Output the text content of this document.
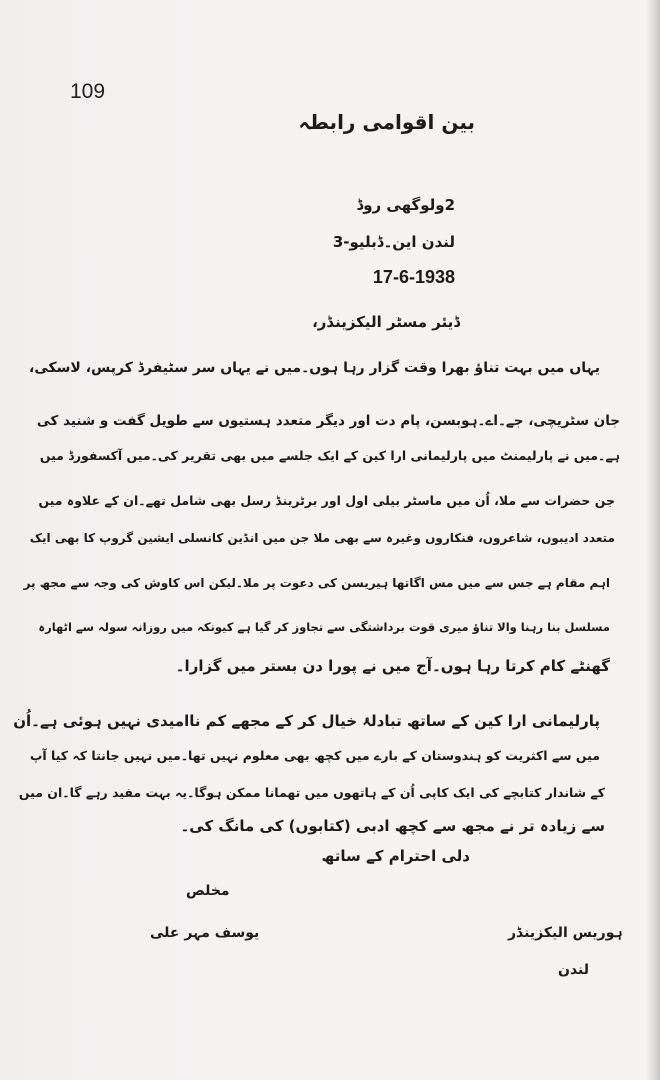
109
بین اقوامی رابطہ
2ولوگھی روڈ
لندن این۔ڈبلیو-3
17-6-1938
ڈیئر مسٹر الیکزینڈر،
یہاں میں بہت تناؤ بھرا وقت گزار رہا ہوں۔میں نے یہاں سر سٹیفرڈ کرپس، لاسکی،
جان سٹریچی، جے۔اے۔ہوبسن، پام دت اور دیگر متعدد ہستیوں سے طویل گفت و شنید کی
ہے۔میں نے پارلیمنٹ میں پارلیمانی ارا کین کے ایک جلسے میں بھی تقریر کی۔میں آکسفورڈ میں
جن حضرات سے ملا، اُن میں ماسٹر بیلی اول اور برٹرینڈ رسل بھی شامل تھے۔ان کے علاوہ میں
متعدد ادیبوں، شاعروں، فنکاروں وغیرہ سے بھی ملا جن میں انڈین کانسلی ایشین گروپ کا بھی ایک
اہم مقام ہے جس سے میں مس اگاتھا ہیریسن کی دعوت پر ملا۔لیکن اس کاوش کی وجہ سے مجھ پر
مسلسل بنا رہنا والا تناؤ میری قوت برداشتگی سے تجاوز کر گیا ہے کیونکہ میں روزانہ سولہ سے اٹھارہ
گھنٹے کام کرتا رہا ہوں۔آج میں نے پورا دن بستر میں گزارا۔
پارلیمانی ارا کین کے ساتھ تبادلۂ خیال کر کے مجھے کم ناامیدی نہیں ہوئی ہے۔اُن
میں سے اکثریت کو ہندوستان کے بارے میں کچھ بھی معلوم نہیں تھا۔میں نہیں جانتا کہ کیا آپ
کے شاندار کتابچے کی ایک کاپی اُن کے ہاتھوں میں تھمانا ممکن ہوگا۔یہ بہت مفید رہے گا۔ان میں
سے زیادہ تر نے مجھ سے کچھ ادبی (کتابوں) کی مانگ کی۔
دلی احترام کے ساتھ
مخلص
یوسف مہر علی	ہوریس الیکزینڈر
لندن
